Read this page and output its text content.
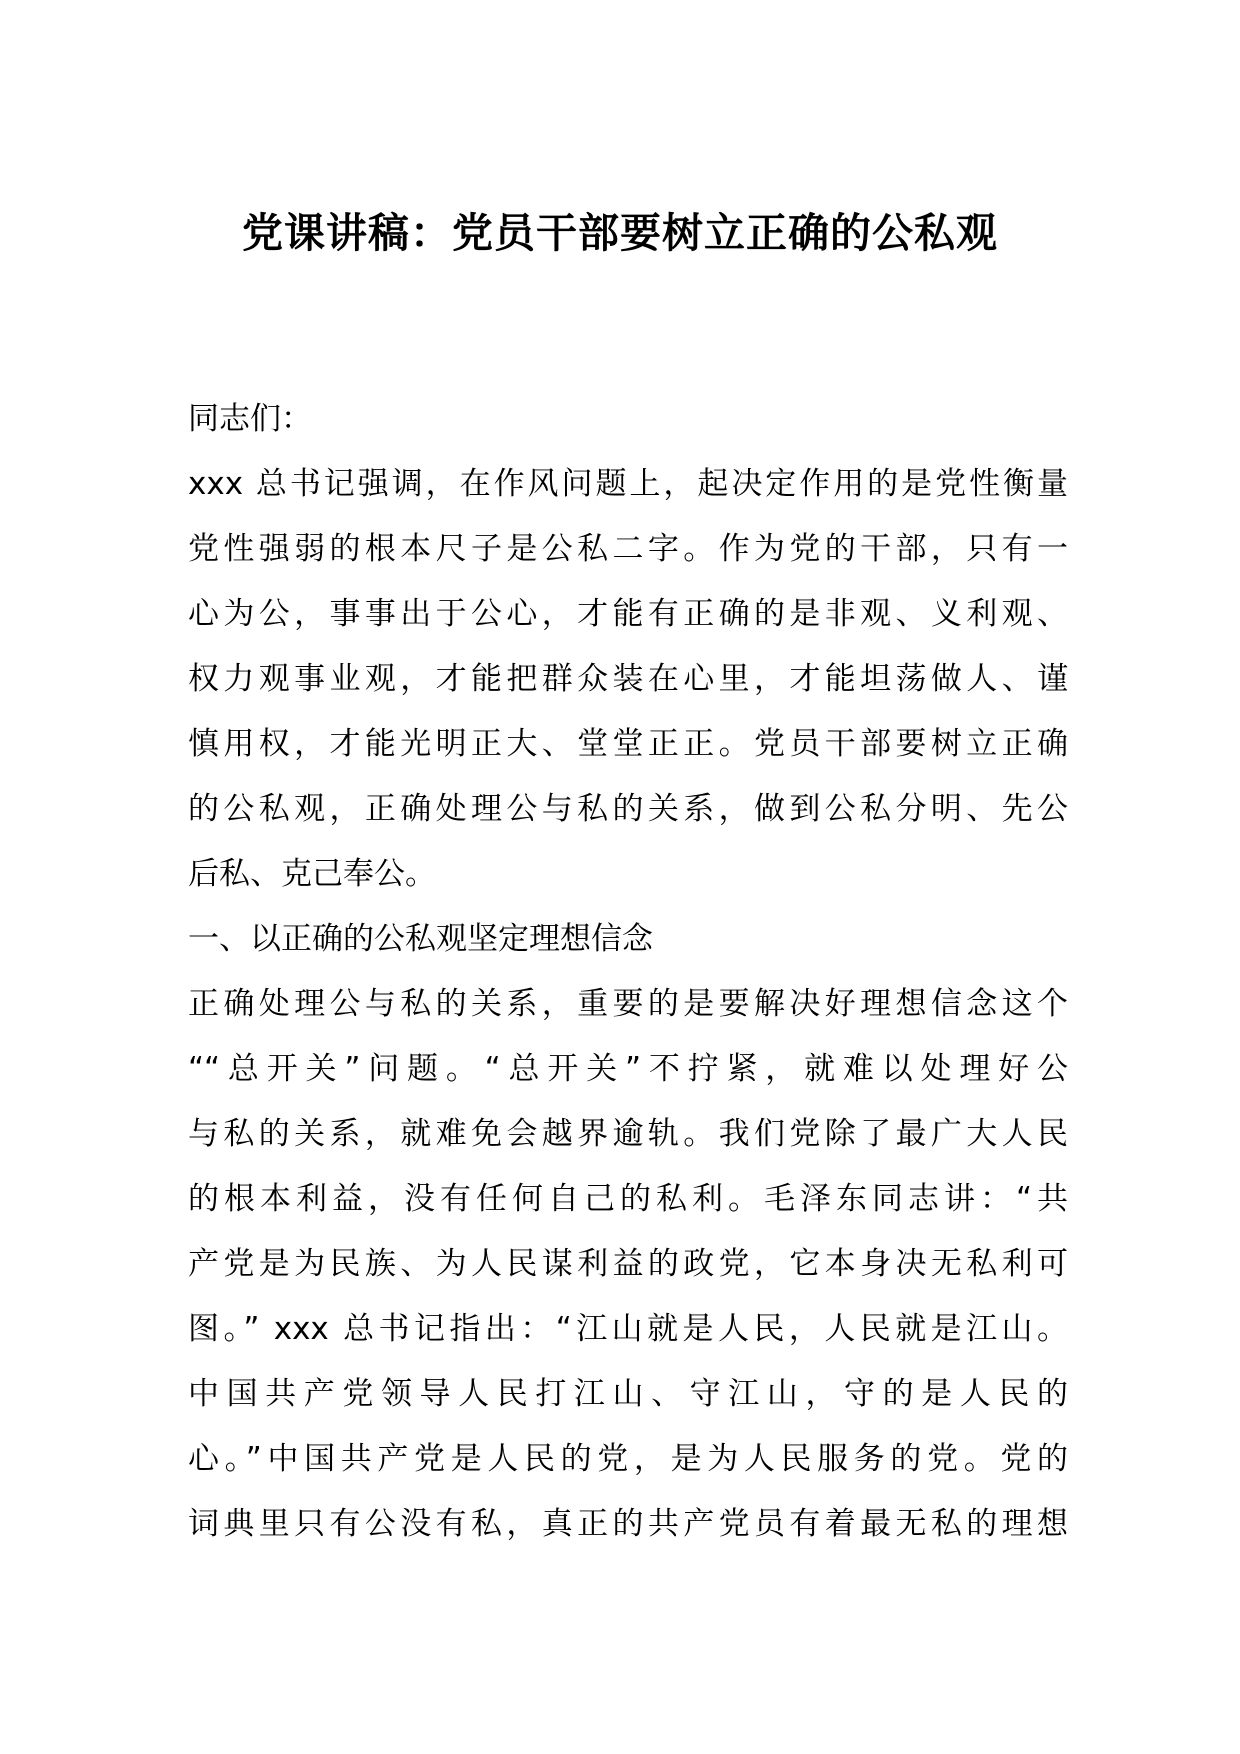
党课讲稿：党员干部要树立正确的公私观
同志们：
xxx 总书记强调，在作风问题上，起决定作用的是党性衡量
党性强弱的根本尺子是公私二字。作为党的干部，只有一
心为公，事事出于公心，才能有正确的是非观、义利观、
权力观事业观，才能把群众装在心里，才能坦荡做人、谨
慎用权，才能光明正大、堂堂正正。党员干部要树立正确
的公私观，正确处理公与私的关系，做到公私分明、先公
后私、克己奉公。
一、以正确的公私观坚定理想信念
正确处理公与私的关系，重要的是要解决好理想信念这个
““总开关”问题。“总开关”不拧紧，就难以处理好公
与私的关系，就难免会越界逾轨。我们党除了最广大人民
的根本利益，没有任何自己的私利。毛泽东同志讲：“共
产党是为民族、为人民谋利益的政党，它本身决无私利可
图。” xxx 总书记指出：“江山就是人民，人民就是江山。
中国共产党领导人民打江山、守江山，守的是人民的
心。”中国共产党是人民的党，是为人民服务的党。党的
词典里只有公没有私，真正的共产党员有着最无私的理想
